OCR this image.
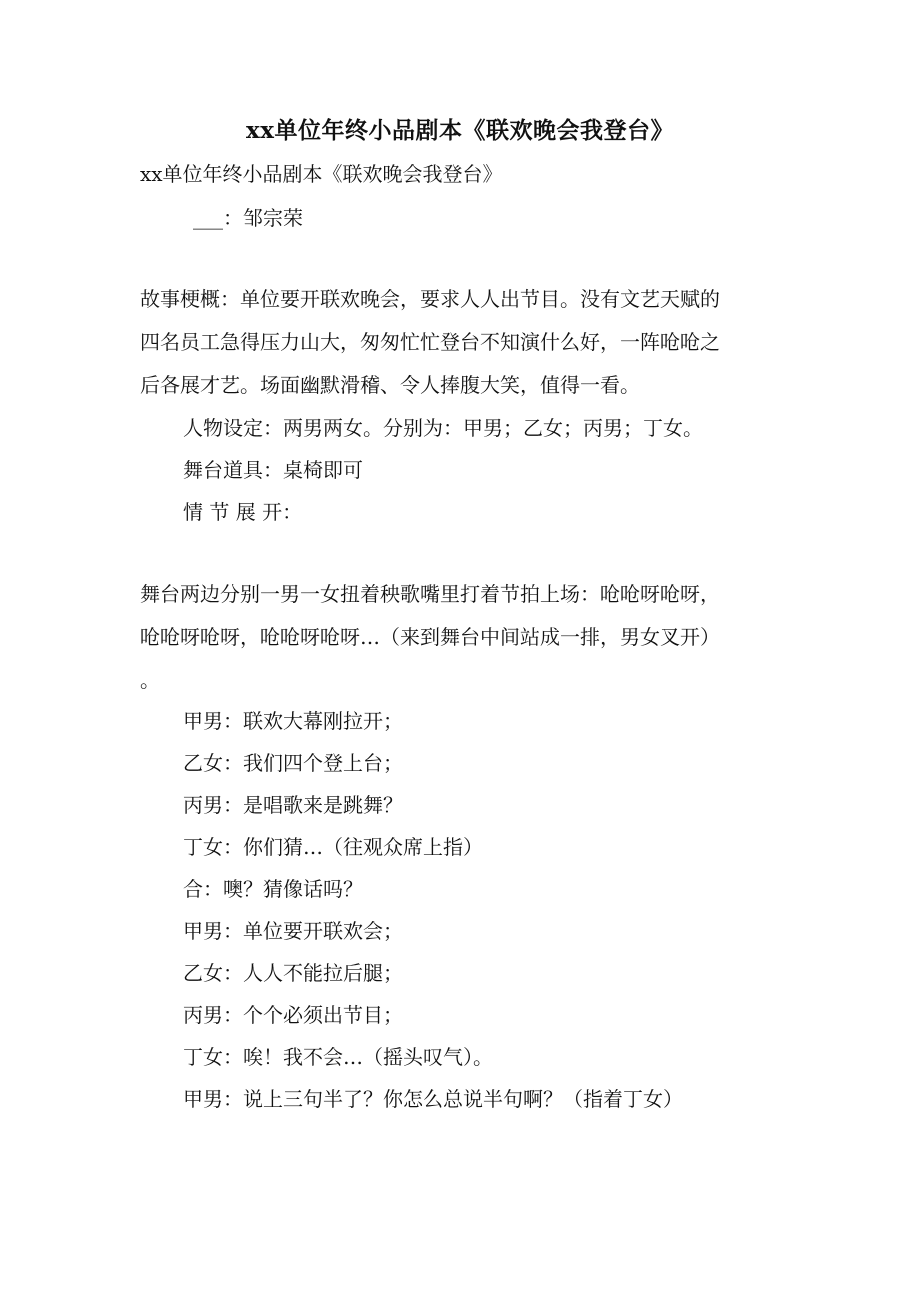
xx单位年终小品剧本《联欢晚会我登台》
xx单位年终小品剧本《联欢晚会我登台》
___：邹宗荣
故事梗概：单位要开联欢晚会，要求人人出节目。没有文艺天赋的
四名员工急得压力山大，匆匆忙忙登台不知演什么好，一阵呛呛之
后各展才艺。场面幽默滑稽、令人捧腹大笑，值得一看。
人物设定：两男两女。分别为：甲男；乙女；丙男；丁女。
舞台道具：桌椅即可
情 节 展 开：
舞台两边分别一男一女扭着秧歌嘴里打着节拍上场：呛呛呀呛呀，
呛呛呀呛呀，呛呛呀呛呀…（来到舞台中间站成一排，男女叉开）
。
甲男：联欢大幕刚拉开；
乙女：我们四个登上台；
丙男：是唱歌来是跳舞？
丁女：你们猜…（往观众席上指）
合：噢？猜像话吗？
甲男：单位要开联欢会；
乙女：人人不能拉后腿；
丙男：个个必须出节目；
丁女：唉！我不会…（摇头叹气）。
甲男：说上三句半了？你怎么总说半句啊？（指着丁女）
